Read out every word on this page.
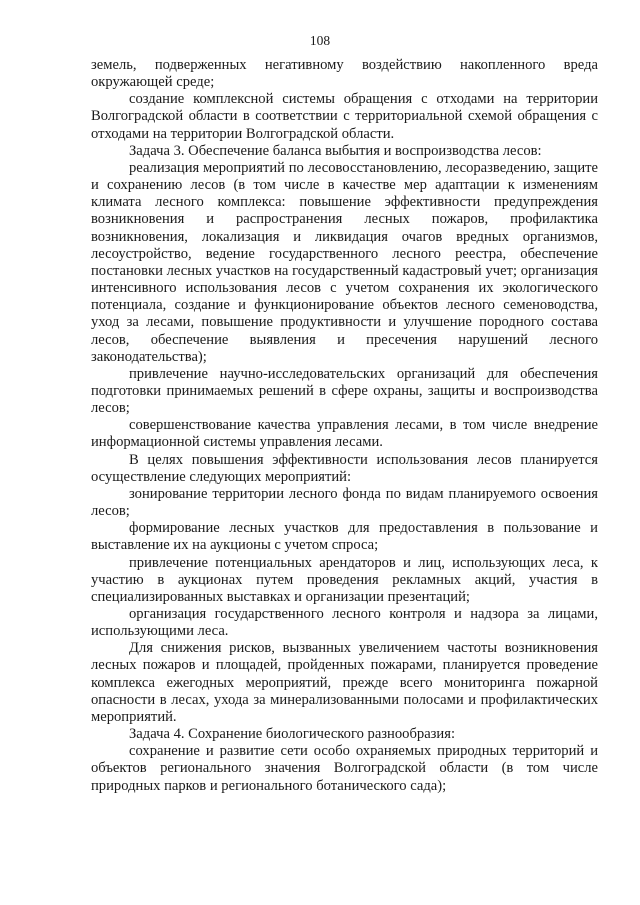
108

земель, подверженных негативному воздействию накопленного вреда окружающей среде;

создание комплексной системы обращения с отходами на территории Волгоградской области в соответствии с территориальной схемой обращения с отходами на территории Волгоградской области.

Задача 3. Обеспечение баланса выбытия и воспроизводства лесов:

реализация мероприятий по лесовосстановлению, лесоразведению, защите и сохранению лесов (в том числе в качестве мер адаптации к изменениям климата лесного комплекса: повышение эффективности предупреждения возникновения и распространения лесных пожаров, профилактика возникновения, локализация и ликвидация очагов вредных организмов, лесоустройство, ведение государственного лесного реестра, обеспечение постановки лесных участков на государственный кадастровый учет; организация интенсивного использования лесов с учетом сохранения их экологического потенциала, создание и функционирование объектов лесного семеноводства, уход за лесами, повышение продуктивности и улучшение породного состава лесов, обеспечение выявления и пресечения нарушений лесного законодательства);

привлечение научно-исследовательских организаций для обеспечения подготовки принимаемых решений в сфере охраны, защиты и воспроизводства лесов;

совершенствование качества управления лесами, в том числе внедрение информационной системы управления лесами.

В целях повышения эффективности использования лесов планируется осуществление следующих мероприятий:

зонирование территории лесного фонда по видам планируемого освоения лесов;

формирование лесных участков для предоставления в пользование и выставление их на аукционы с учетом спроса;

привлечение потенциальных арендаторов и лиц, использующих леса, к участию в аукционах путем проведения рекламных акций, участия в специализированных выставках и организации презентаций;

организация государственного лесного контроля и надзора за лицами, использующими леса.

Для снижения рисков, вызванных увеличением частоты возникновения лесных пожаров и площадей, пройденных пожарами, планируется проведение комплекса ежегодных мероприятий, прежде всего мониторинга пожарной опасности в лесах, ухода за минерализованными полосами и профилактических мероприятий.

Задача 4. Сохранение биологического разнообразия:

сохранение и развитие сети особо охраняемых природных территорий и объектов регионального значения Волгоградской области (в том числе природных парков и регионального ботанического сада);
